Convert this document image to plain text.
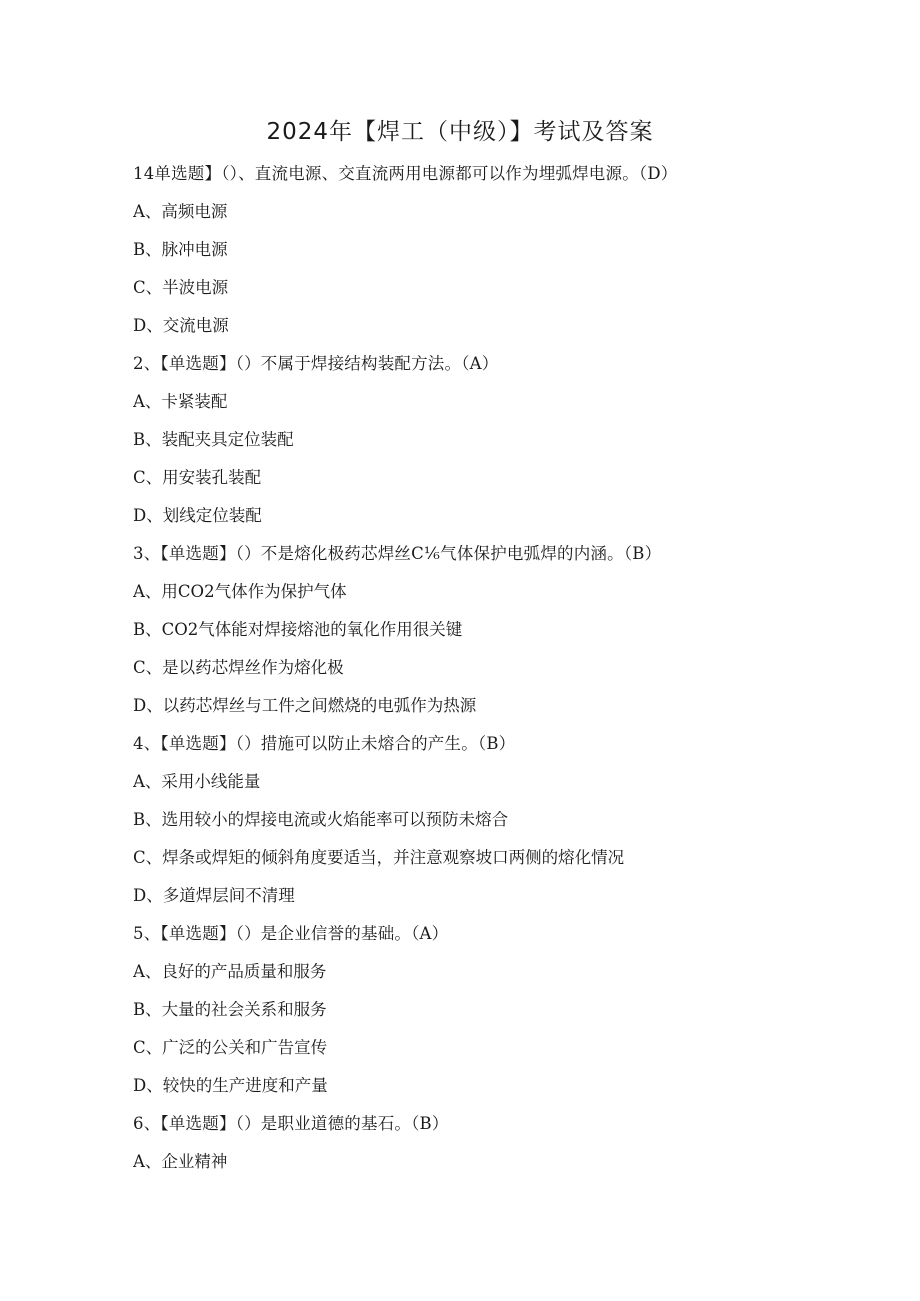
2024年【焊工（中级）】考试及答案
14单选题】（）、直流电源、交直流两用电源都可以作为埋弧焊电源。（D）
A、高频电源
B、脉冲电源
C、半波电源
D、交流电源
2、【单选题】（）不属于焊接结构装配方法。（A）
A、卡紧装配
B、装配夹具定位装配
C、用安装孔装配
D、划线定位装配
3、【单选题】（）不是熔化极药芯焊丝C⅙气体保护电弧焊的内涵。（B）
A、用CO2气体作为保护气体
B、CO2气体能对焊接熔池的氧化作用很关键
C、是以药芯焊丝作为熔化极
D、以药芯焊丝与工件之间燃烧的电弧作为热源
4、【单选题】（）措施可以防止未熔合的产生。（B）
A、采用小线能量
B、选用较小的焊接电流或火焰能率可以预防未熔合
C、焊条或焊矩的倾斜角度要适当，并注意观察坡口两侧的熔化情况
D、多道焊层间不清理
5、【单选题】（）是企业信誉的基础。（A）
A、良好的产品质量和服务
B、大量的社会关系和服务
C、广泛的公关和广告宣传
D、较快的生产进度和产量
6、【单选题】（）是职业道德的基石。（B）
A、企业精神
